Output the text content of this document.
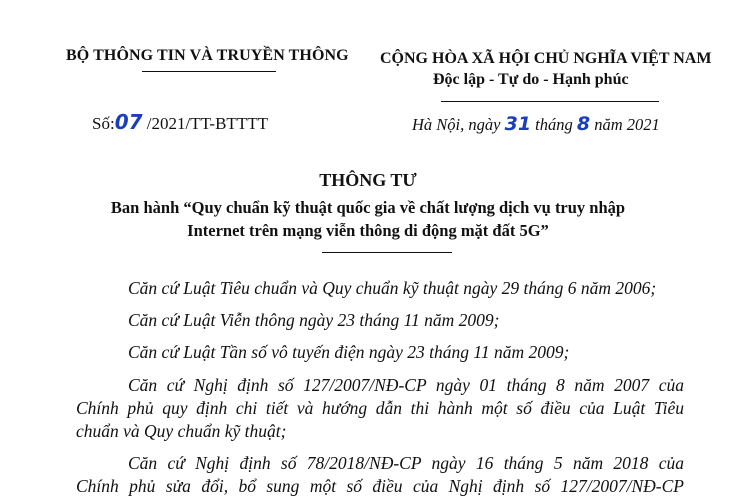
BỘ THÔNG TIN VÀ TRUYỀN THÔNG CỘNG HÒA XÃ HỘI CHỦ NGHĨA VIỆT NAM
Độc lập - Tự do - Hạnh phúc
Số:07 /2021/TT-BTTTT	Hà Nội, ngày 31 tháng 8 năm 2021
THÔNG TƯ
Ban hành “Quy chuẩn kỹ thuật quốc gia về chất lượng dịch vụ truy nhập
Internet trên mạng viễn thông di động mặt đất 5G”
Căn cứ Luật Tiêu chuẩn và Quy chuẩn kỹ thuật ngày 29 tháng 6 năm 2006;
Căn cứ Luật Viễn thông ngày 23 tháng 11 năm 2009;
Căn cứ Luật Tần số vô tuyến điện ngày 23 tháng 11 năm 2009;
Căn cứ Nghị định số 127/2007/NĐ-CP ngày 01 tháng 8 năm 2007 của
Chính phủ quy định chi tiết và hướng dẫn thi hành một số điều của Luật Tiêu
chuẩn và Quy chuẩn kỹ thuật;
Căn cứ Nghị định số 78/2018/NĐ-CP ngày 16 tháng 5 năm 2018 của
Chính phủ sửa đổi, bổ sung một số điều của Nghị định số 127/2007/NĐ-CP
